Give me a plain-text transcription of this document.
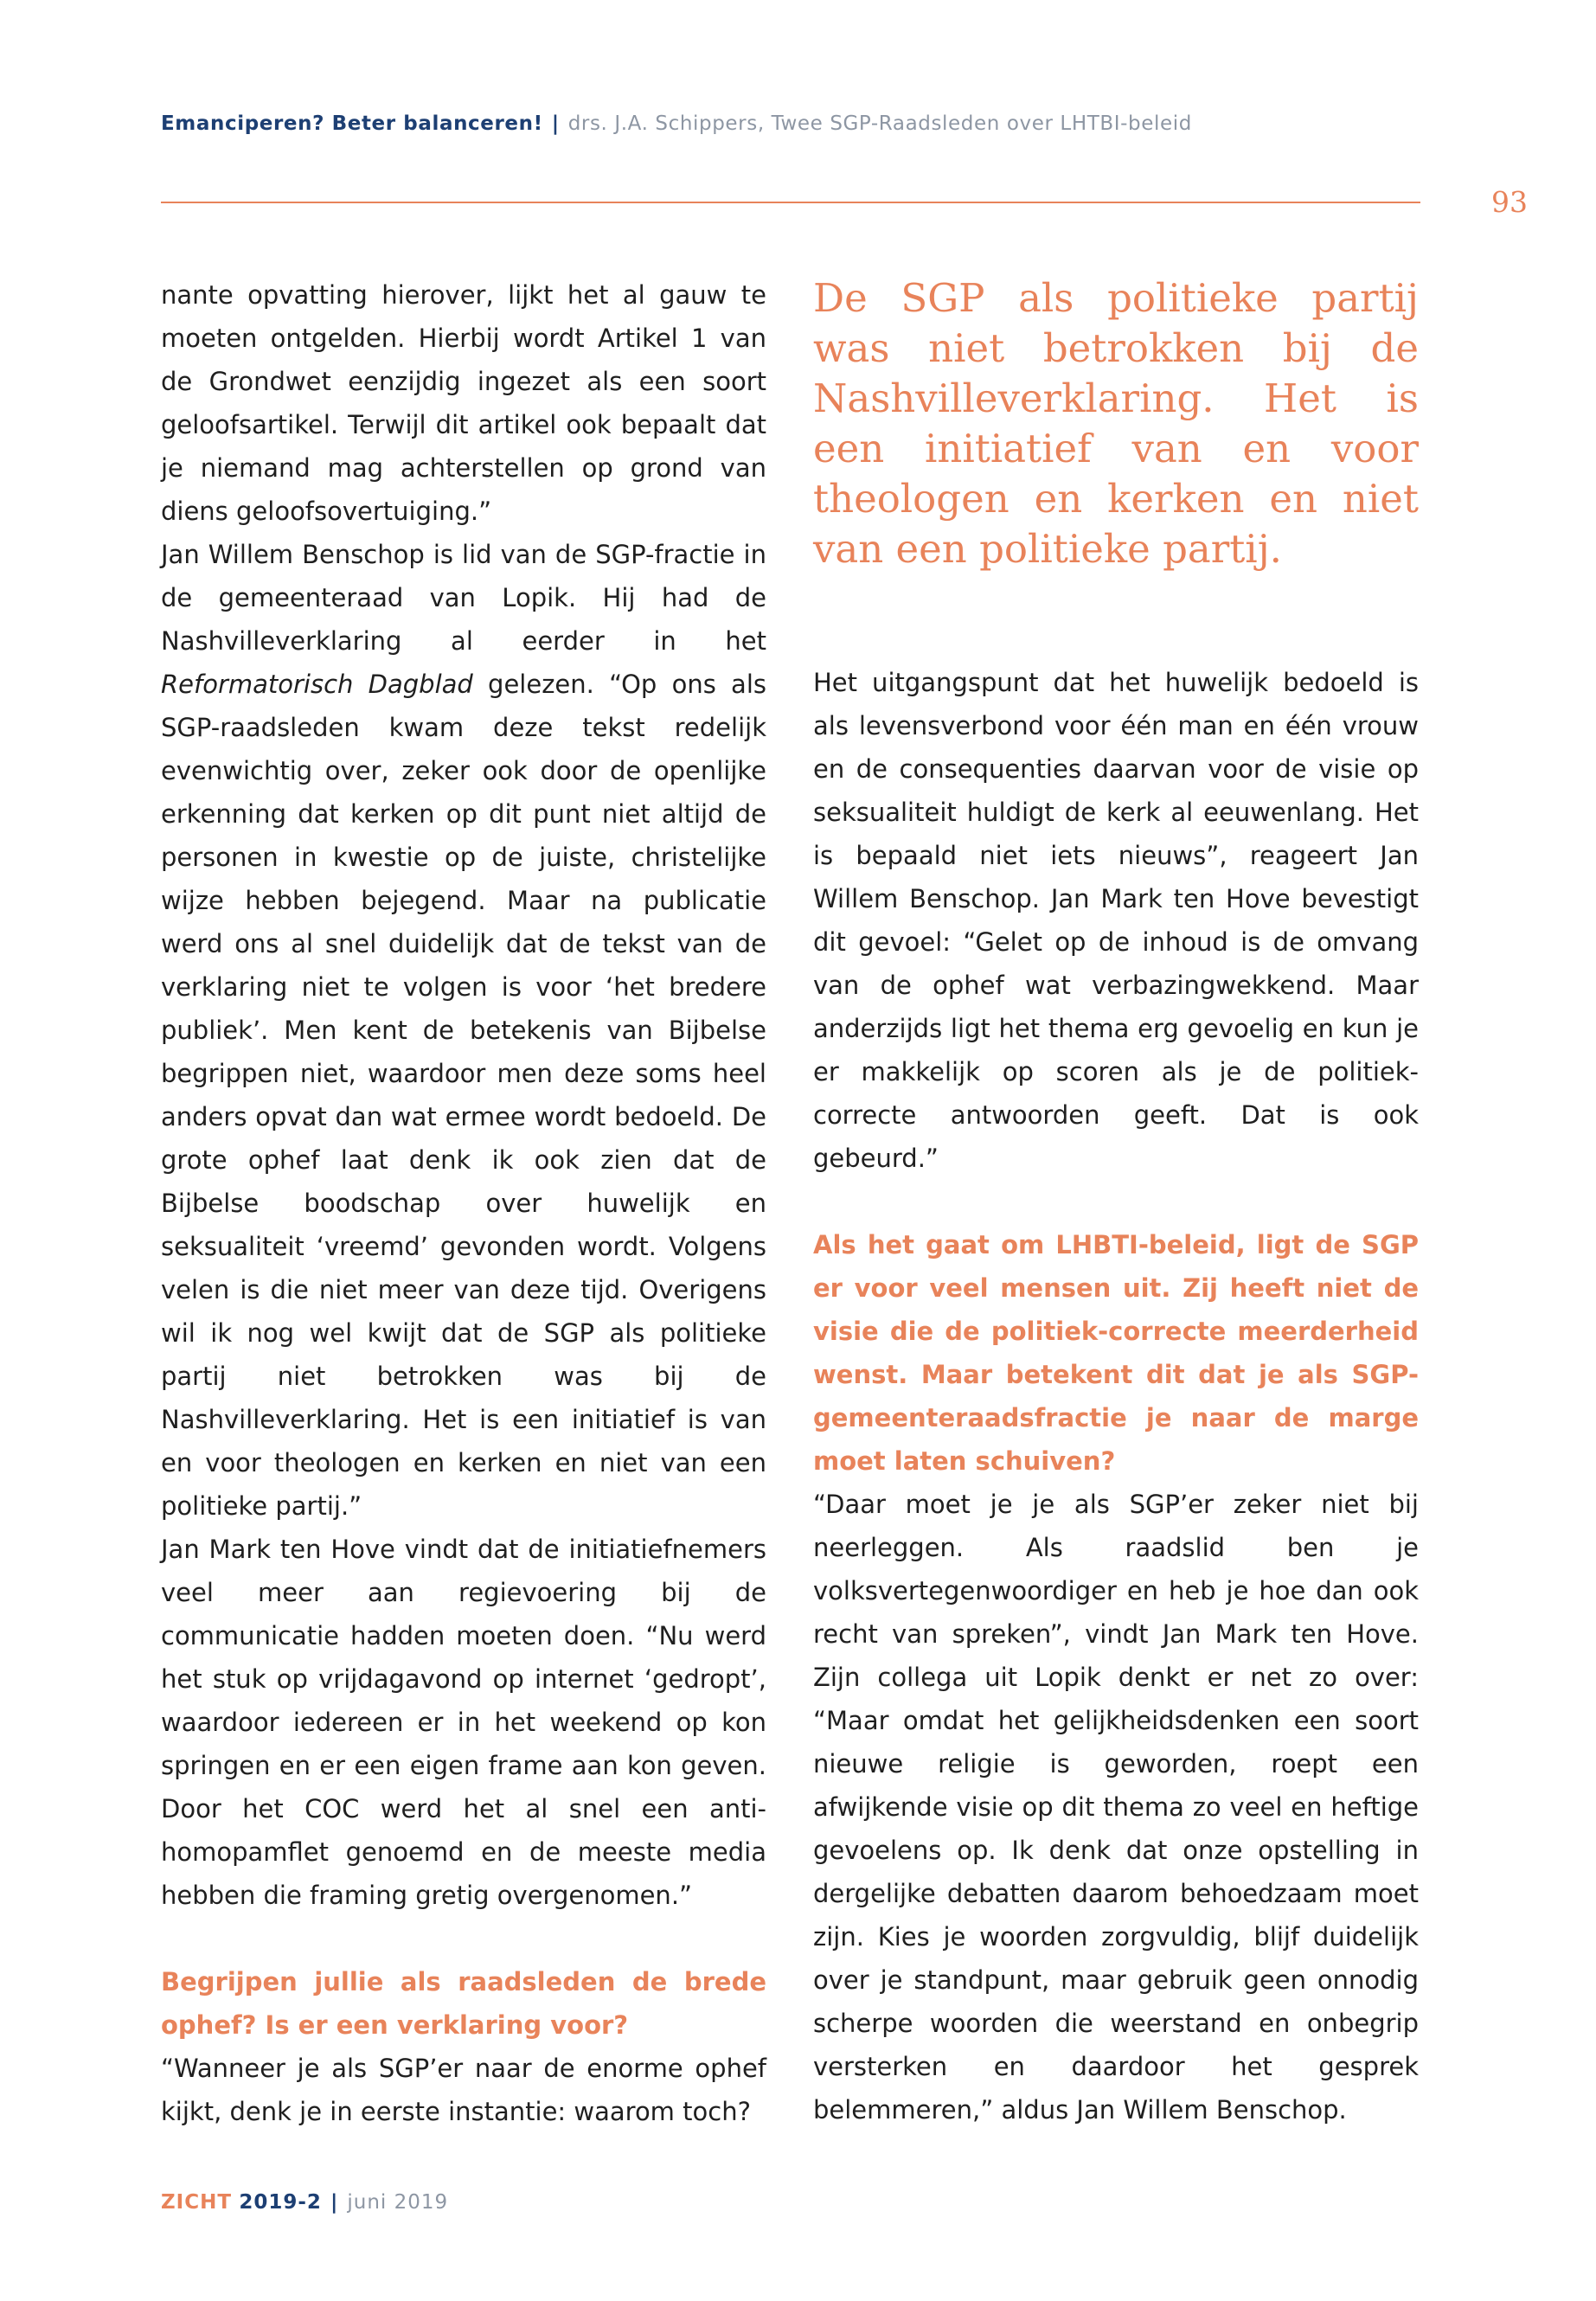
Emanciperen? Beter balanceren! | drs. J.A. Schippers, Twee SGP-Raadsleden over LHTBI-beleid
93

nante opvatting hierover, lijkt het al gauw te moeten ontgelden. Hierbij wordt Artikel 1 van de Grondwet eenzijdig ingezet als een soort geloofsartikel. Terwijl dit artikel ook bepaalt dat je niemand mag achterstellen op grond van diens geloofsovertuiging.”

Jan Willem Benschop is lid van de SGP-fractie in de gemeenteraad van Lopik. Hij had de Nashvilleverklaring al eerder in het Reformatorisch Dagblad gelezen. “Op ons als SGP-raadsleden kwam deze tekst redelijk evenwichtig over, zeker ook door de openlijke erkenning dat kerken op dit punt niet altijd de personen in kwestie op de juiste, christelijke wijze hebben bejegend. Maar na publicatie werd ons al snel duidelijk dat de tekst van de verklaring niet te volgen is voor ‘het bredere publiek’. Men kent de betekenis van Bijbelse begrippen niet, waardoor men deze soms heel anders opvat dan wat ermee wordt bedoeld. De grote ophef laat denk ik ook zien dat de Bijbelse boodschap over huwelijk en seksualiteit ‘vreemd’ gevonden wordt. Volgens velen is die niet meer van deze tijd. Overigens wil ik nog wel kwijt dat de SGP als politieke partij niet betrokken was bij de Nashvilleverklaring. Het is een initiatief is van en voor theologen en kerken en niet van een politieke partij.”

Jan Mark ten Hove vindt dat de initiatiefnemers veel meer aan regievoering bij de communicatie hadden moeten doen. “Nu werd het stuk op vrijdagavond op internet ‘gedropt’, waardoor iedereen er in het weekend op kon springen en er een eigen frame aan kon geven. Door het COC werd het al snel een anti-homopamflet genoemd en de meeste media hebben die framing gretig overgenomen.”

Begrijpen jullie als raadsleden de brede ophef? Is er een verklaring voor?

“Wanneer je als SGP’er naar de enorme ophef kijkt, denk je in eerste instantie: waarom toch?

De SGP als politieke partij was niet betrokken bij de Nashvilleverklaring. Het is een initiatief van en voor theologen en kerken en niet van een politieke partij.

Het uitgangspunt dat het huwelijk bedoeld is als levensverbond voor één man en één vrouw en de consequenties daarvan voor de visie op seksualiteit huldigt de kerk al eeuwenlang. Het is bepaald niet iets nieuws”, reageert Jan Willem Benschop. Jan Mark ten Hove bevestigt dit gevoel: “Gelet op de inhoud is de omvang van de ophef wat verbazingwekkend. Maar anderzijds ligt het thema erg gevoelig en kun je er makkelijk op scoren als je de politiek-correcte antwoorden geeft. Dat is ook gebeurd.”

Als het gaat om LHBTI-beleid, ligt de SGP er voor veel mensen uit. Zij heeft niet de visie die de politiek-correcte meerderheid wenst. Maar betekent dit dat je als SGP-gemeenteraadsfractie je naar de marge moet laten schuiven?

“Daar moet je je als SGP’er zeker niet bij neerleggen. Als raadslid ben je volksvertegenwoordiger en heb je hoe dan ook recht van spreken”, vindt Jan Mark ten Hove. Zijn collega uit Lopik denkt er net zo over: “Maar omdat het gelijkheidsdenken een soort nieuwe religie is geworden, roept een afwijkende visie op dit thema zo veel en heftige gevoelens op. Ik denk dat onze opstelling in dergelijke debatten daarom behoedzaam moet zijn. Kies je woorden zorgvuldig, blijf duidelijk over je standpunt, maar gebruik geen onnodig scherpe woorden die weerstand en onbegrip versterken en daardoor het gesprek belemmeren,” aldus Jan Willem Benschop.

ZICHT 2019-2 | juni 2019
